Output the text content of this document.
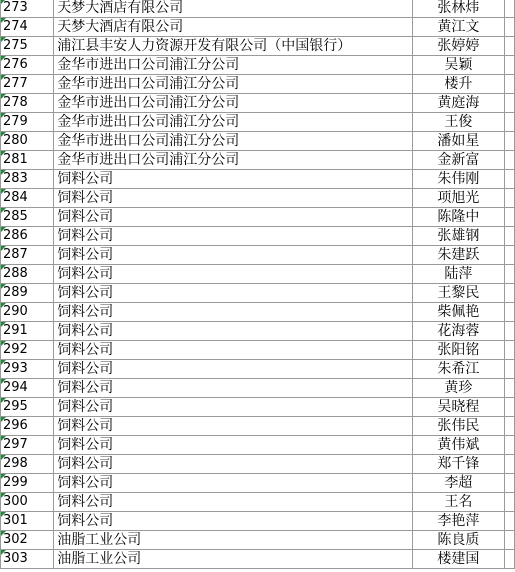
273	天梦大酒店有限公司	张林炜	
274	天梦大酒店有限公司	黄江文	
275	浦江县丰安人力资源开发有限公司（中国银行）	张婷婷	
276	金华市进出口公司浦江分公司	吴颖	
277	金华市进出口公司浦江分公司	楼升	
278	金华市进出口公司浦江分公司	黄庭海	
279	金华市进出口公司浦江分公司	王俊	
280	金华市进出口公司浦江分公司	潘如星	
281	金华市进出口公司浦江分公司	金新富	
283	饲料公司	朱伟刚	
284	饲料公司	项旭光	
285	饲料公司	陈隆中	
286	饲料公司	张雄钢	
287	饲料公司	朱建跃	
288	饲料公司	陆萍	
289	饲料公司	王黎民	
290	饲料公司	柴佩艳	
291	饲料公司	花海蓉	
292	饲料公司	张阳铭	
293	饲料公司	朱希江	
294	饲料公司	黄珍	
295	饲料公司	吴晓程	
296	饲料公司	张伟民	
297	饲料公司	黄伟斌	
298	饲料公司	郑千锋	
299	饲料公司	李超	
300	饲料公司	王名	
301	饲料公司	李艳萍	
302	油脂工业公司	陈良质	
303	油脂工业公司	楼建国	
